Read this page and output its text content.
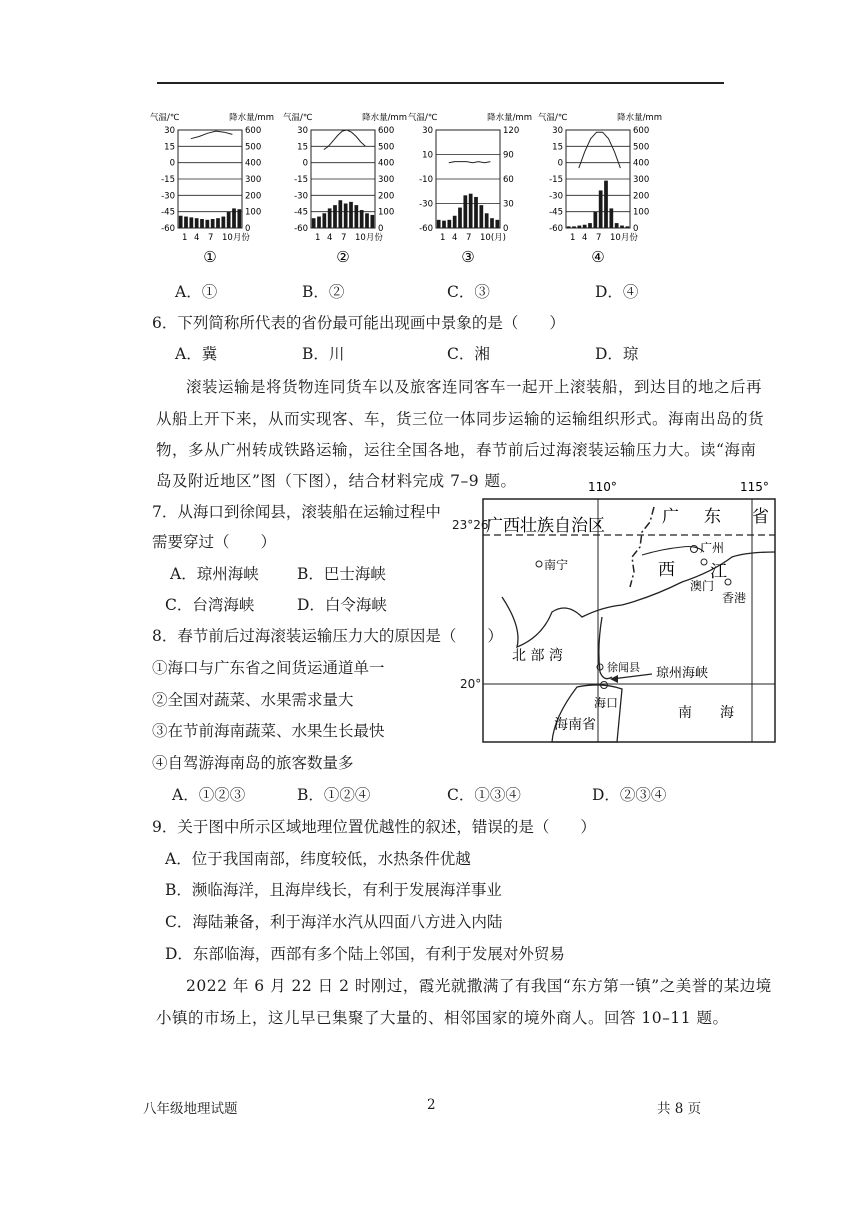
气温/℃	降水量/mm
30
15
0
-15
-30
-45
-60
600
500
400
300
200
100
0
1 4 7 10月份
①
气温/℃	降水量/mm
30
15
0
-15
-30
-45
-60
600
500
400
300
200
100
0
1 4 7 10月份
②
气温/℃	降水量/mm
30
10
-10
-30
-60
120
90
60
30
0
1 4 7 10(月)
③
气温/℃	降水量/mm
30
15
0
-15
-30
-45
-60
600
500
400
300
200
100
0
1 4 7 10月份
④
A．①	B．②	C．③	D．④
6．下列简称所代表的省份最可能出现画中景象的是（　　）
A．冀	B．川	C．湘	D．琼
滚装运输是将货物连同货车以及旅客连同客车一起开上滚装船，到达目的地之后再
从船上开下来，从而实现客、车，货三位一体同步运输的运输组织形式。海南出岛的货
物，多从广州转成铁路运输，运往全国各地，春节前后过海滚装运输压力大。读“海南
岛及附近地区”图（下图），结合材料完成 7–9 题。
7．从海口到徐闻县，滚装船在运输过程中
需要穿过（　　）
A．琼州海峡 B．巴士海峡
C．台湾海峡	D．白令海峡
8．春节前后过海滚装运输压力大的原因是（　　）
①海口与广东省之间货运通道单一
②全国对蔬菜、水果需求量大
③在节前海南蔬菜、水果生长最快
④自驾游海南岛的旅客数量多
A．①②③	B．①②④	C．①③④	D．②③④
9．关于图中所示区域地理位置优越性的叙述，错误的是（　　）
A．位于我国南部，纬度较低，水热条件优越
B．濒临海洋，且海岸线长，有利于发展海洋事业
C．海陆兼备，利于海洋水汽从四面八方进入内陆
D．东部临海，西部有多个陆上邻国，有利于发展对外贸易
2022 年 6 月 22 日 2 时刚过，霞光就撒满了有我国“东方第一镇”之美誉的某边境
小镇的市场上，这儿早已集聚了大量的、相邻国家的境外商人。回答 10–11 题。
110°	115°
广西壮族自治区	广 东 省
南宁
广州
西 江
澳门
香港
北 部 湾
徐闻县 琼州海峡
海口
海南省
南　　海
23°26′
20°
八年级地理试题	2	共 8 页
